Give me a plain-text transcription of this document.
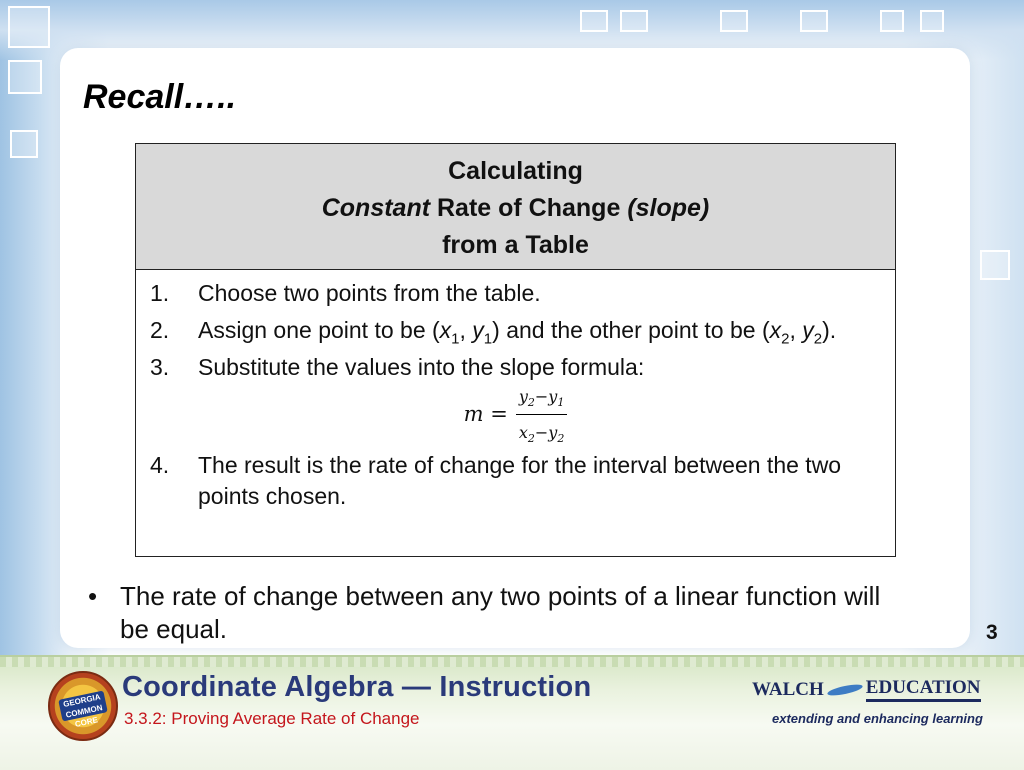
Recall…..
Calculating
Constant Rate of Change (slope)
from a Table
1.	Choose two points from the table.
2.	Assign one point to be ($x_1$, $y_1$) and the other point to be ($x_2$, $y_2$).
3.	Substitute the values into the slope formula:
$m = \frac{y_2-y_1}{x_2-y_2}$
4.	The result is the rate of change for the interval between the two points chosen.
• The rate of change between any two points of a linear function will be equal.	3
GEORGIA COMMON CORE
Coordinate Algebra — Instruction
3.3.2: Proving Average Rate of Change
WALCH EDUCATION
extending and enhancing learning
